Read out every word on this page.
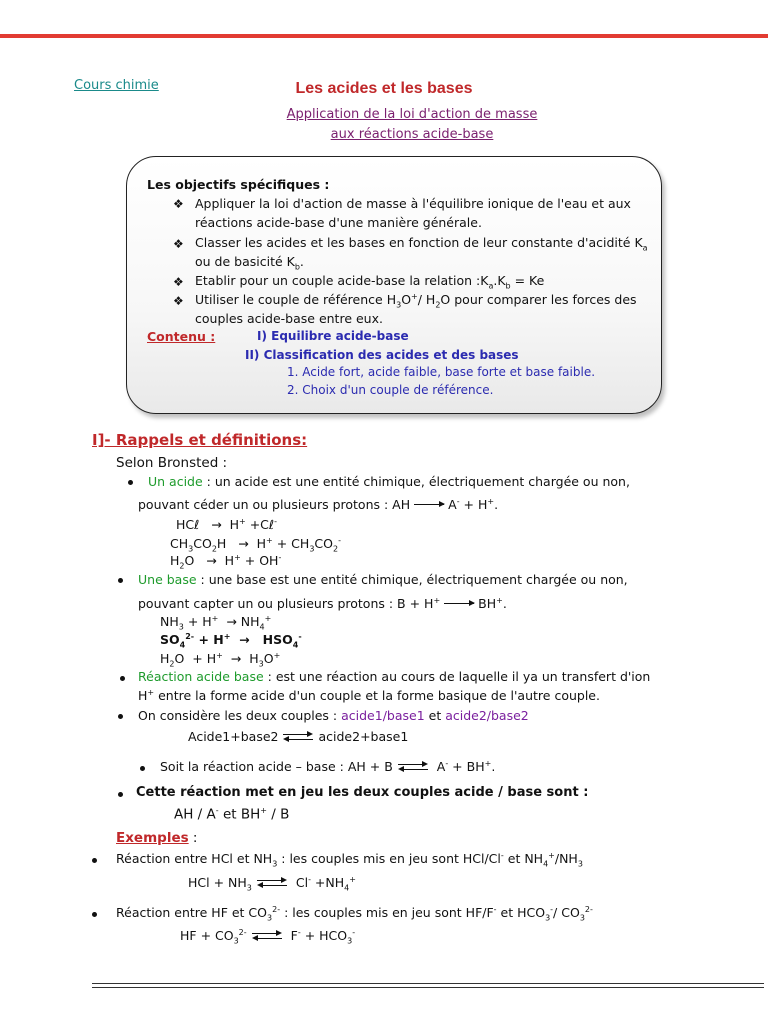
Cours chimie	Les acides et les bases
Application de la loi d'action de masse
aux réactions acide-base
Les objectifs spécifiques :
❖ Appliquer la loi d'action de masse à l'équilibre ionique de l'eau et aux
réactions acide-base d'une manière générale.
❖ Classer les acides et les bases en fonction de leur constante d'acidité $K_a$
ou de basicité $K_b$.
❖ Etablir pour un couple acide-base la relation $:K_a.K_b = Ke$
❖ Utiliser le couple de référence $H_3O^+/$ $H_2O$ pour comparer les forces des
couples acide-base entre eux.
Contenu :	I) Equilibre acide-base
II) Classification des acides et des bases
1. Acide fort, acide faible, base forte et base faible.
2. Choix d'un couple de référence.
I]- Rappels et définitions:
Selon Bronsted :
Un acide : un acide est une entité chimique, électriquement chargée ou non,
pouvant céder un ou plusieurs protons : AH	A- + H+.
HCℓ   →  H+ +Cℓ-
$CH_3CO_2H \to H^+ + CH_3CO_2^-$
$H_2O \to H^+ + OH^-$
Une base : une base est une entité chimique, électriquement chargée ou non,
pouvant capter un ou plusieurs protons : B + H+	BH+.
$NH_3 + H^+ \to NH_4^+$
$SO_4^{2-} + H^+ \to HSO_4^-$
$H_2O + H^+ \to H_3O^+$
Réaction acide base : est une réaction au cours de laquelle il ya un transfert d'ion
H+ entre la forme acide d'un couple et la forme basique de l'autre couple.
On considère les deux couples : acide1/base1 et acide2/base2
Acide1+base2	acide2+base1
Soit la réaction acide – base : AH + B	A- + BH+.
Cette réaction met en jeu les deux couples acide / base sont :
AH / A- et BH+ / B
Exemples :
Réaction entre HCl et $NH_3$ : les couples mis en jeu sont HCl/Cl- et $NH_4^+/NH_3$
HCl + $NH_3$	$Cl^- +NH_4^+$
Réaction entre HF et $CO_3^{2-}$ : les couples mis en jeu sont HF/F- et $HCO_3^-/$ $CO_3^{2-}$
HF + $CO_3^{2-}$	$F^- + HCO_3^-$
